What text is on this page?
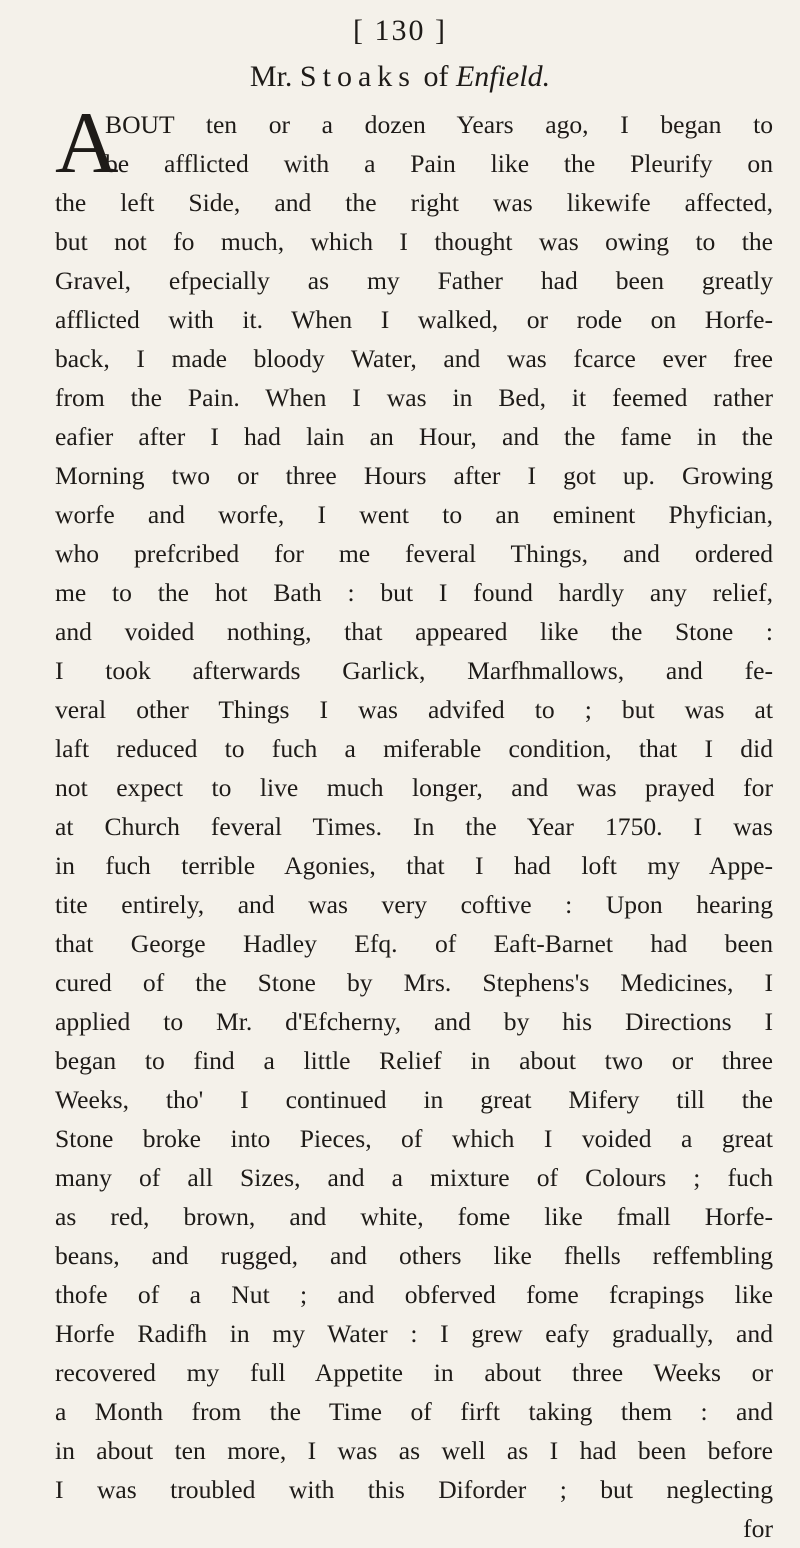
[ 130 ]
Mr. Stoaks of Enfield.
A
BOUT ten or a dozen Years ago, I began to
be afflicted with a Pain like the Pleurify on
the left Side, and the right was likewife affected,
but not fo much, which I thought was owing to the
Gravel, efpecially as my Father had been greatly
afflicted with it. When I walked, or rode on Horfe-
back, I made bloody Water, and was fcarce ever free
from the Pain. When I was in Bed, it feemed rather
eafier after I had lain an Hour, and the fame in the
Morning two or three Hours after I got up. Growing
worfe and worfe, I went to an eminent Phyfician,
who prefcribed for me feveral Things, and ordered
me to the hot Bath : but I found hardly any relief,
and voided nothing, that appeared like the Stone :
I took afterwards Garlick, Marfhmallows, and fe-
veral other Things I was advifed to ; but was at
laft reduced to fuch a miferable condition, that I did
not expect to live much longer, and was prayed for
at Church feveral Times. In the Year 1750. I was
in fuch terrible Agonies, that I had loft my Appe-
tite entirely, and was very coftive : Upon hearing
that George Hadley Efq. of Eaft-Barnet had been
cured of the Stone by Mrs. Stephens's Medicines, I
applied to Mr. d'Efcherny, and by his Directions I
began to find a little Relief in about two or three
Weeks, tho' I continued in great Mifery till the
Stone broke into Pieces, of which I voided a great
many of all Sizes, and a mixture of Colours ; fuch
as red, brown, and white, fome like fmall Horfe-
beans, and rugged, and others like fhells reffembling
thofe of a Nut ; and obferved fome fcrapings like
Horfe Radifh in my Water : I grew eafy gradually, and
recovered my full Appetite in about three Weeks or
a Month from the Time of firft taking them : and
in about ten more, I was as well as I had been before
I was troubled with this Diforder ; but neglecting
for
